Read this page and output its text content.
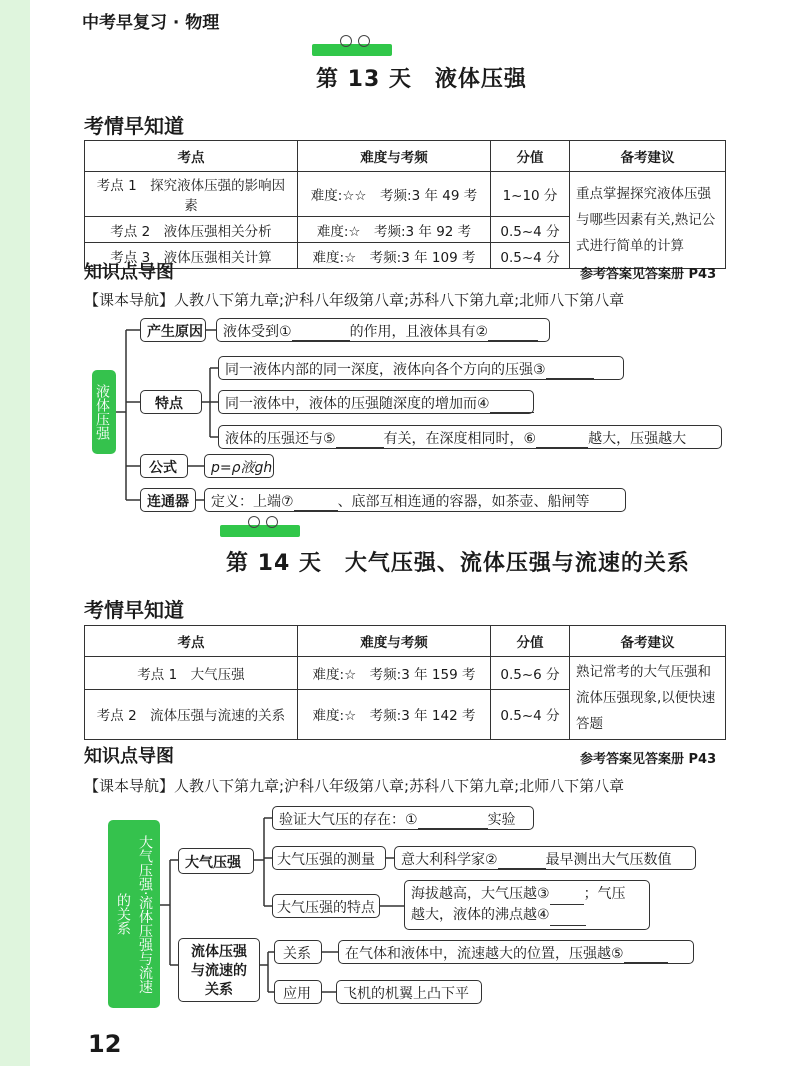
中考早复习 · 物理
第 13 天　液体压强
考情早知道
考点	难度与考频	分值	备考建议
考点 1　探究液体压强的影响因素	难度:☆☆　考频:3 年 49 考	1~10 分	重点掌握探究液体压强与哪些因素有关,熟记公式进行简单的计算
考点 2　液体压强相关分析	难度:☆　考频:3 年 92 考	0.5~4 分	
考点 3　液体压强相关计算	难度:☆　考频:3 年 109 考	0.5~4 分	
知识点导图	参考答案见答案册 P43
【课本导航】人教八下第九章;沪科八年级第八章;苏科八下第九章;北师八下第八章
液体压强
产生原因	液体受到①	的作用，且液体具有②
特点
同一液体内部的同一深度，液体向各个方向的压强③
同一液体中，液体的压强随深度的增加而④
液体的压强还与⑤	有关，在深度相同时，⑥	越大，压强越大
公式	p=ρ液gh
连通器	定义：上端⑦	、底部互相连通的容器，如茶壶、船闸等
第 14 天　大气压强、流体压强与流速的关系
考情早知道
考点	难度与考频	分值	备考建议
考点 1　大气压强	难度:☆　考频:3 年 159 考	0.5~6 分	熟记常考的大气压强和流体压强现象,以便快速答题
考点 2　流体压强与流速的关系	难度:☆　考频:3 年 142 考	0.5~4 分	
知识点导图	参考答案见答案册 P43
【课本导航】人教八下第九章;沪科八年级第八章;苏科八下第九章;北师八下第八章
大气压强·流体压强与流速的关系
大气压强
验证大气压的存在：①	实验
大气压强的测量	意大利科学家②	最早测出大气压数值
大气压强的特点
海拔越高，大气压越③ ；气压
越大，液体的沸点越④
流体压强与流速的关系
关系	在气体和液体中，流速越大的位置，压强越⑤
应用	飞机的机翼上凸下平
12
